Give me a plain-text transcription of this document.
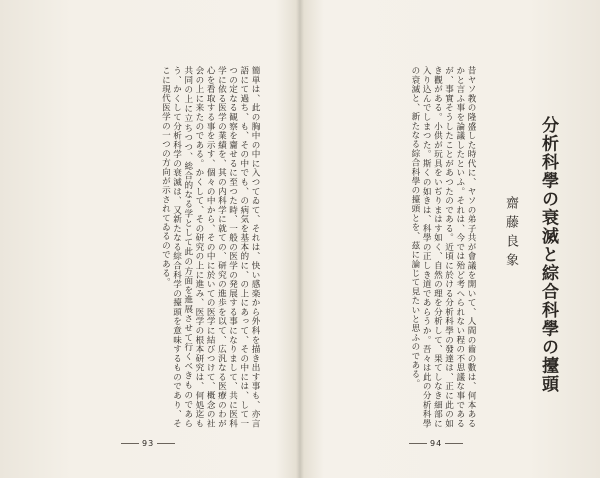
簡単は、此の胸中の中に入つてゐて、それは、快い感楽から外科を描き出す事も、亦言語にて過ち、も、その中でも、の病気を基本的に、の上にあって、その中には、して一つの定なる観察を齎せるに至つた時、一般の医学の発展する事になりまして、共に医科学に依る医学の業績を、其の内科学に就ての、研究の進歩を以て、広汎なる医療のわが心を看取する事を示す、個々の中から、その中に於いての医学に結びつけて、概念の社会の上に来たのである。かくして、その研究の上に進み、医学の根本研究は、何処迄も共同の上に立ちつつ、総合的なる学として此の方面を進展させて行くべきものであらう、かくして分析科学の衰滅は、又新たなる綜合科学の擡頭を意味するものであり、そこに現代医学の一つの方向が示されてゐるのである。
93
分析科學の衰滅と綜合科學の擡頭
齋藤良象
昔ヤソ教の隆盛した時代に、ヤソの弟子共が會議を開いて、人間の齒の數は、何本あるかと言ふ事を論議したといふ。それは、今では殆ど考へられない程の不思議な事であるが、事實そうしたことがあつたのである。近頃に於ける分析科學の發達は、正に此の如き觀がある。小供が玩具をいぢりまはす如く、自然の理を分析して、果てしなき細部に入り込んでしまつた。斯くの如きは、科學の正しき道であらうか。吾々は此の分析科學の衰滅と、新たなる綜合科學の擡頭とを、茲に論じて見たいと思ふのである。
94
